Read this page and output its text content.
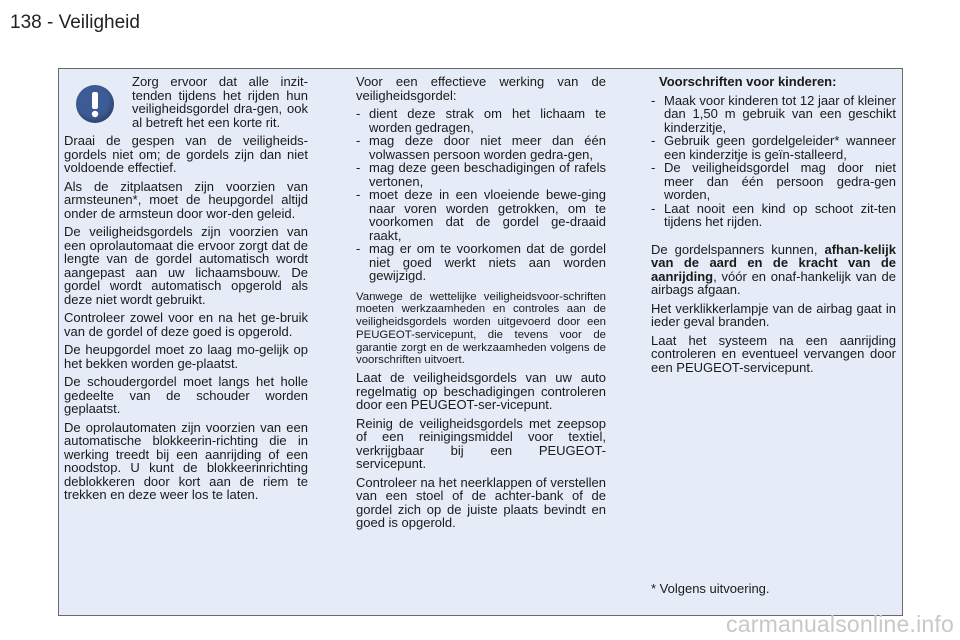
138 - Veiligheid

Zorg ervoor dat alle inzit-tenden tijdens het rijden hun veiligheidsgordel dra-gen, ook al betreft het een korte rit.

Draai de gespen van de veiligheids-gordels niet om; de gordels zijn dan niet voldoende effectief.

Als de zitplaatsen zijn voorzien van armsteunen*, moet de heupgordel altijd onder de armsteun door wor-den geleid.

De veiligheidsgordels zijn voorzien van een oprolautomaat die ervoor zorgt dat de lengte van de gordel automatisch wordt aangepast aan uw lichaamsbouw. De gordel wordt automatisch opgerold als deze niet wordt gebruikt.

Controleer zowel voor en na het ge-bruik van de gordel of deze goed is opgerold.

De heupgordel moet zo laag mo-gelijk op het bekken worden ge-plaatst.

De schoudergordel moet langs het holle gedeelte van de schouder worden geplaatst.

De oprolautomaten zijn voorzien van een automatische blokkeerin-richting die in werking treedt bij een aanrijding of een noodstop. U kunt de blokkeerinrichting deblokkeren door kort aan de riem te trekken en deze weer los te laten.

Voor een effectieve werking van de veiligheidsgordel:

- dient deze strak om het lichaam te worden gedragen,
- mag deze door niet meer dan één volwassen persoon worden gedra-gen,
- mag deze geen beschadigingen of rafels vertonen,
- moet deze in een vloeiende bewe-ging naar voren worden getrokken, om te voorkomen dat de gordel ge-draaid raakt,
- mag er om te voorkomen dat de gordel niet goed werkt niets aan worden gewijzigd.

Vanwege de wettelijke veiligheidsvoor-schriften moeten werkzaamheden en controles aan de veiligheidsgordels worden uitgevoerd door een PEUGEOT-servicepunt, die tevens voor de garantie zorgt en de werkzaamheden volgens de voorschriften uitvoert.

Laat de veiligheidsgordels van uw auto regelmatig op beschadigingen controleren door een PEUGEOT-ser-vicepunt.

Reinig de veiligheidsgordels met zeepsop of een reinigingsmiddel voor textiel, verkrijgbaar bij een PEUGEOT-servicepunt.

Controleer na het neerklappen of verstellen van een stoel of de achter-bank of de gordel zich op de juiste plaats bevindt en goed is opgerold.

Voorschriften voor kinderen:

- Maak voor kinderen tot 12 jaar of kleiner dan 1,50 m gebruik van een geschikt kinderzitje,
- Gebruik geen gordelgeleider* wanneer een kinderzitje is geïn-stalleerd,
- De veiligheidsgordel mag door niet meer dan één persoon gedra-gen worden,
- Laat nooit een kind op schoot zit-ten tijdens het rijden.

De gordelspanners kunnen, afhan-kelijk van de aard en de kracht van de aanrijding, vóór en onaf-hankelijk van de airbags afgaan.

Het verklikkerlampje van de airbag gaat in ieder geval branden.

Laat het systeem na een aanrijding controleren en eventueel vervangen door een PEUGEOT-servicepunt.

* Volgens uitvoering.
carmanualsonline.info
